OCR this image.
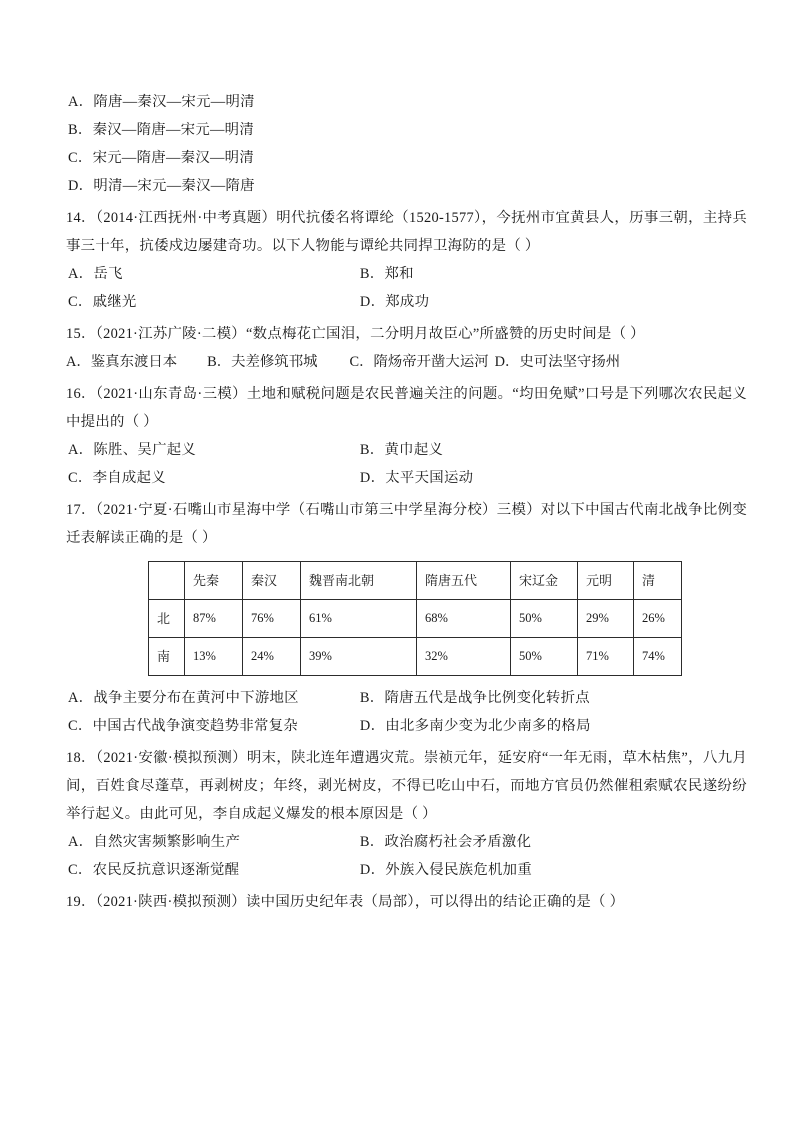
A．隋唐—秦汉—宋元—明清

B．秦汉—隋唐—宋元—明清

C．宋元—隋唐—秦汉—明清

D．明清—宋元—秦汉—隋唐

14．（2014·江西抚州·中考真题）明代抗倭名将谭纶（1520-1577），今抚州市宜黄县人，历事三朝，主持兵事三十年，抗倭戍边屡建奇功。以下人物能与谭纶共同捍卫海防的是（ ）

A．岳飞	B．郑和
C．戚继光	D．郑成功

15．（2021·江苏广陵·二模）“数点梅花亡国泪，二分明月故臣心”所盛赞的历史时间是（ ）

A．鉴真东渡日本 B．夫差修筑邗城 C．隋炀帝开凿大运河 D．史可法坚守扬州

16．（2021·山东青岛·三模）土地和赋税问题是农民普遍关注的问题。“均田免赋”口号是下列哪次农民起义中提出的（ ）

A．陈胜、吴广起义	B．黄巾起义
C．李自成起义	D．太平天国运动

17．（2021·宁夏·石嘴山市星海中学（石嘴山市第三中学星海分校）三模）对以下中国古代南北战争比例变迁表解读正确的是（ ）

	先秦	秦汉	魏晋南北朝	隋唐五代	宋辽金	元明	清
北	87%	76%	61%	68%	50%	29%	26%
南	13%	24%	39%	32%	50%	71%	74%
A．战争主要分布在黄河中下游地区	B．隋唐五代是战争比例变化转折点
C．中国古代战争演变趋势非常复杂	D．由北多南少变为北少南多的格局

18．（2021·安徽·模拟预测）明末，陕北连年遭遇灾荒。崇祯元年，延安府“一年无雨，草木枯焦”，八九月间，百姓食尽蓬草，再剥树皮；年终，剥光树皮，不得已吃山中石，而地方官员仍然催租索赋农民遂纷纷举行起义。由此可见，李自成起义爆发的根本原因是（ ）

A．自然灾害频繁影响生产	B．政治腐朽社会矛盾激化
C．农民反抗意识逐渐觉醒	D．外族入侵民族危机加重

19．（2021·陕西·模拟预测）读中国历史纪年表（局部），可以得出的结论正确的是（ ）
